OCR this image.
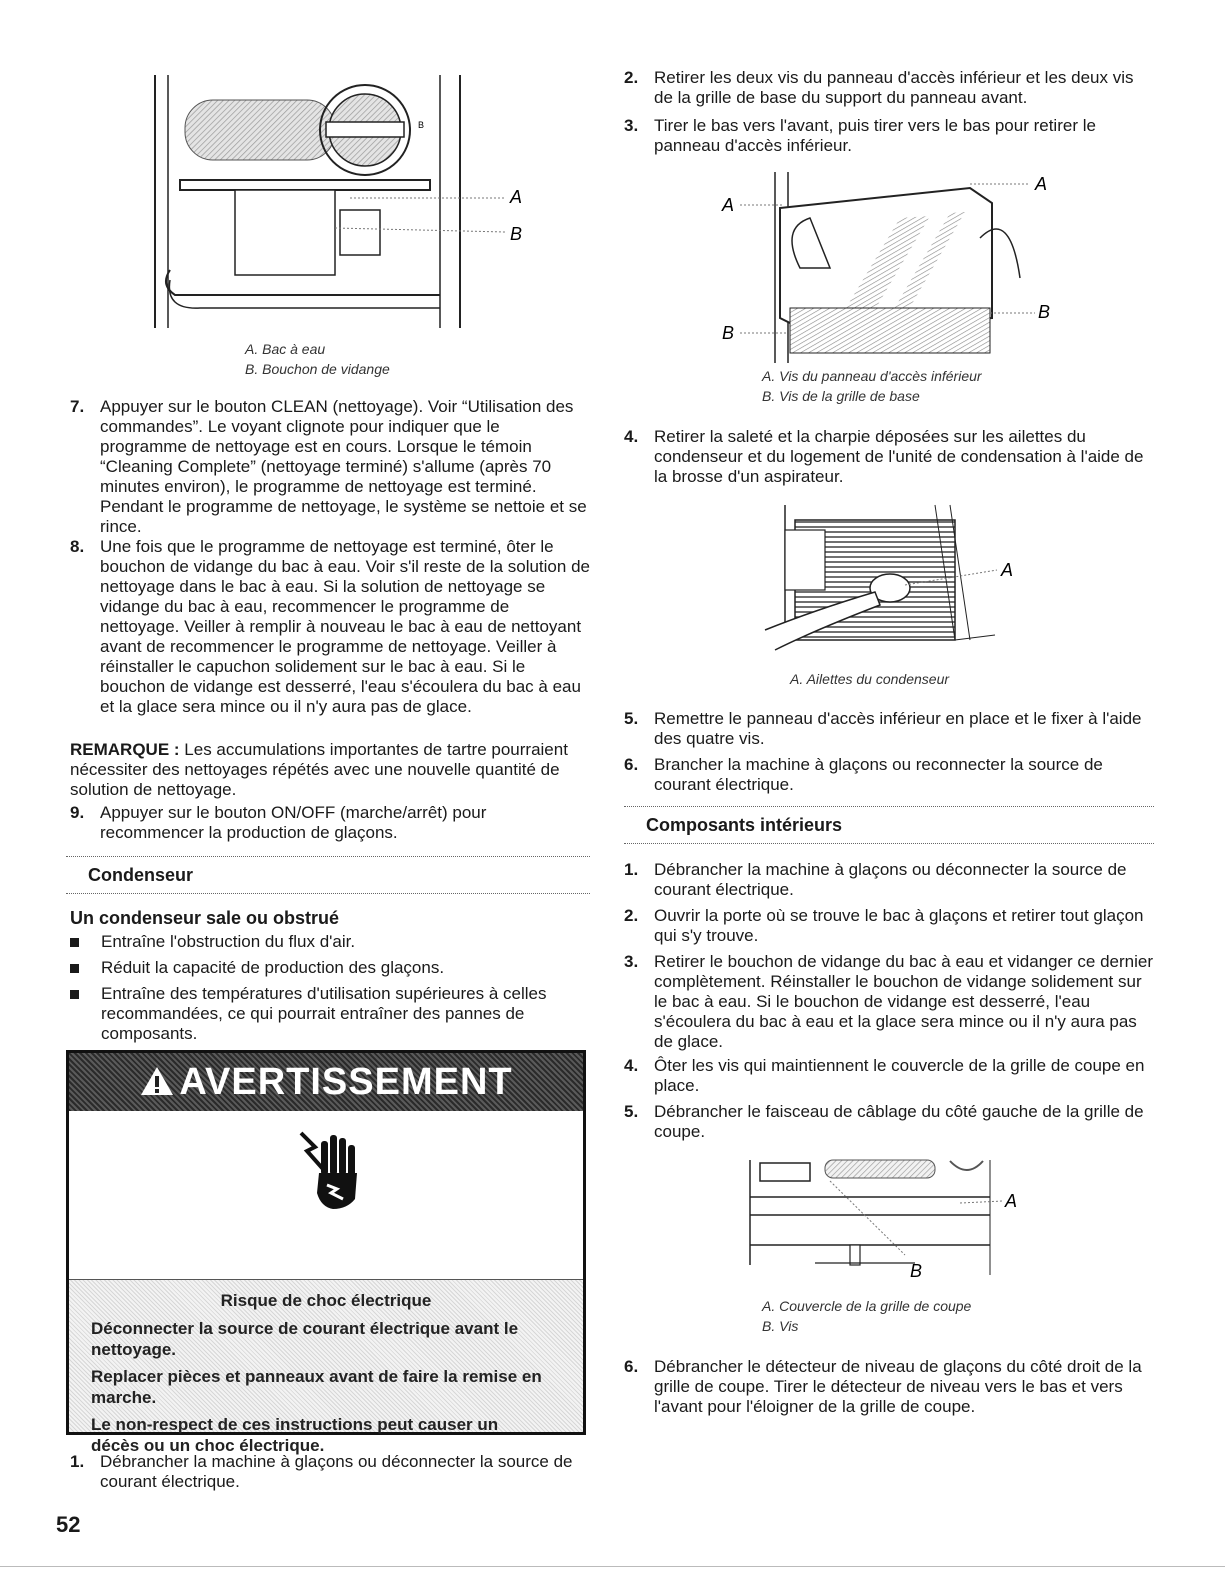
B
A
B
A. Bac à eau
B. Bouchon de vidange
7. Appuyer sur le bouton CLEAN (nettoyage). Voir “Utilisation des commandes”. Le voyant clignote pour indiquer que le programme de nettoyage est en cours. Lorsque le témoin “Cleaning Complete” (nettoyage terminé) s'allume (après 70 minutes environ), le programme de nettoyage est terminé. Pendant le programme de nettoyage, le système se nettoie et se rince.
8. Une fois que le programme de nettoyage est terminé, ôter le bouchon de vidange du bac à eau. Voir s'il reste de la solution de nettoyage dans le bac à eau. Si la solution de nettoyage se vidange du bac à eau, recommencer le programme de nettoyage. Veiller à remplir à nouveau le bac à eau de nettoyant avant de recommencer le programme de nettoyage. Veiller à réinstaller le capuchon solidement sur le bac à eau. Si le bouchon de vidange est desserré, l'eau s'écoulera du bac à eau et la glace sera mince ou il n'y aura pas de glace.
REMARQUE : Les accumulations importantes de tartre pourraient nécessiter des nettoyages répétés avec une nouvelle quantité de solution de nettoyage.
9. Appuyer sur le bouton ON/OFF (marche/arrêt) pour recommencer la production de glaçons.
Condenseur
Un condenseur sale ou obstrué
Entraîne l'obstruction du flux d'air.
Réduit la capacité de production des glaçons.
Entraîne des températures d'utilisation supérieures à celles recommandées, ce qui pourrait entraîner des pannes de composants.
AVERTISSEMENT

Risque de choc électrique

Déconnecter la source de courant électrique avant le nettoyage.

Replacer pièces et panneaux avant de faire la remise en marche.

Le non-respect de ces instructions peut causer un décès ou un choc électrique.

1. Débrancher la machine à glaçons ou déconnecter la source de courant électrique.
2. Retirer les deux vis du panneau d'accès inférieur et les deux vis de la grille de base du support du panneau avant.
3. Tirer le bas vers l'avant, puis tirer vers le bas pour retirer le panneau d'accès inférieur.
A
A
B
B
A. Vis du panneau d'accès inférieur
B. Vis de la grille de base
4. Retirer la saleté et la charpie déposées sur les ailettes du condenseur et du logement de l'unité de condensation à l'aide de la brosse d'un aspirateur.
A
A. Ailettes du condenseur
5. Remettre le panneau d'accès inférieur en place et le fixer à l'aide des quatre vis.
6. Brancher la machine à glaçons ou reconnecter la source de courant électrique.
Composants intérieurs
1. Débrancher la machine à glaçons ou déconnecter la source de courant électrique.
2. Ouvrir la porte où se trouve le bac à glaçons et retirer tout glaçon qui s'y trouve.
3. Retirer le bouchon de vidange du bac à eau et vidanger ce dernier complètement. Réinstaller le bouchon de vidange solidement sur le bac à eau. Si le bouchon de vidange est desserré, l'eau s'écoulera du bac à eau et la glace sera mince ou il n'y aura pas de glace.
4. Ôter les vis qui maintiennent le couvercle de la grille de coupe en place.
5. Débrancher le faisceau de câblage du côté gauche de la grille de coupe.
A
B
A. Couvercle de la grille de coupe
B. Vis
6. Débrancher le détecteur de niveau de glaçons du côté droit de la grille de coupe. Tirer le détecteur de niveau vers le bas et vers l'avant pour l'éloigner de la grille de coupe.
52
